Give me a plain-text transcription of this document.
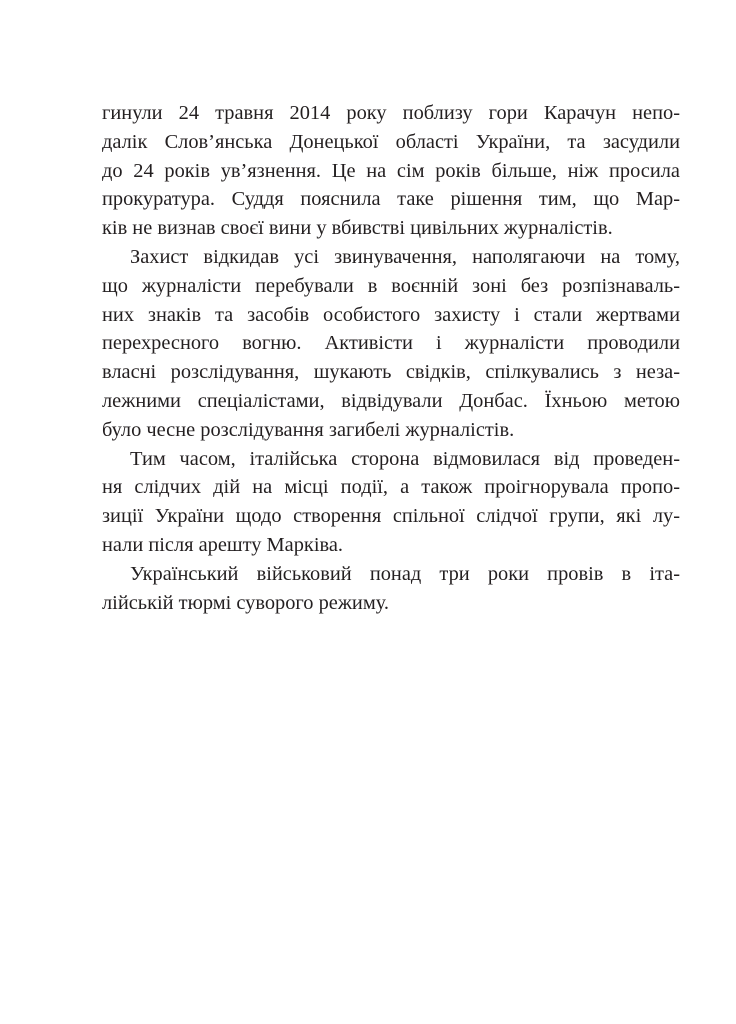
гинули 24 травня 2014 року поблизу гори Карачун непо-
далік Слов’янська Донецької області України, та засудили
до 24 років ув’язнення. Це на сім років більше, ніж просила
прокуратура. Суддя пояснила таке рішення тим, що Мар-
ків не визнав своєї вини у вбивстві цивільних журналістів.
Захист відкидав усі звинувачення, наполягаючи на тому,
що журналісти перебували в воєнній зоні без розпізнаваль-
них знаків та засобів особистого захисту і стали жертвами
перехресного вогню. Активісти і журналісти проводили
власні розслідування, шукають свідків, спілкувались з неза-
лежними спеціалістами, відвідували Донбас. Їхньою метою
було чесне розслідування загибелі журналістів.
Тим часом, італійська сторона відмовилася від проведен-
ня слідчих дій на місці події, а також проігнорувала пропо-
зиції України щодо створення спільної слідчої групи, які лу-
нали після арешту Марківа.
Український військовий понад три роки провів в іта-
лійській тюрмі суворого режиму.
